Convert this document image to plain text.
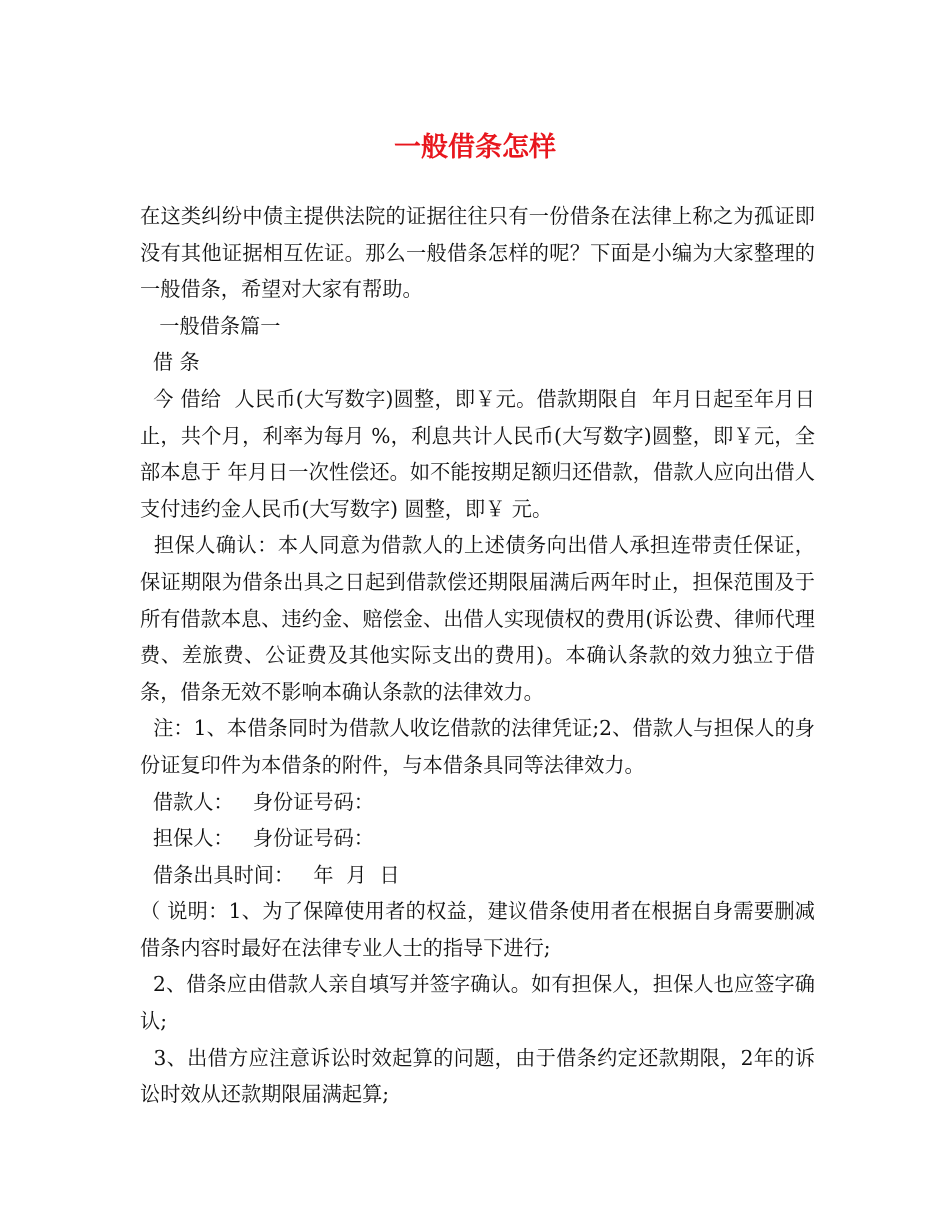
一般借条怎样

在这类纠纷中债主提供法院的证据往往只有一份借条在法律上称之为孤证即没有其他证据相互佐证。那么一般借条怎样的呢？下面是小编为大家整理的一般借条，希望对大家有帮助。

一般借条篇一

借 条

今 借给  人民币(大写数字)圆整，即￥元。借款期限自  年月日起至年月日止，共个月，利率为每月 %，利息共计人民币(大写数字)圆整，即￥元，全部本息于 年月日一次性偿还。如不能按期足额归还借款，借款人应向出借人支付违约金人民币(大写数字) 圆整，即￥ 元。

担保人确认：本人同意为借款人的上述债务向出借人承担连带责任保证，保证期限为借条出具之日起到借款偿还期限届满后两年时止，担保范围及于所有借款本息、违约金、赔偿金、出借人实现债权的费用(诉讼费、律师代理费、差旅费、公证费及其他实际支出的费用)。本确认条款的效力独立于借条，借条无效不影响本确认条款的法律效力。

注：1、本借条同时为借款人收讫借款的法律凭证;2、借款人与担保人的身份证复印件为本借条的附件，与本借条具同等法律效力。

借款人：   身份证号码：

担保人：   身份证号码：

借条出具时间：   年  月  日

（ 说明：1、为了保障使用者的权益，建议借条使用者在根据自身需要删减借条内容时最好在法律专业人士的指导下进行;

2、借条应由借款人亲自填写并签字确认。如有担保人，担保人也应签字确认;

3、出借方应注意诉讼时效起算的问题，由于借条约定还款期限，2年的诉讼时效从还款期限届满起算;
